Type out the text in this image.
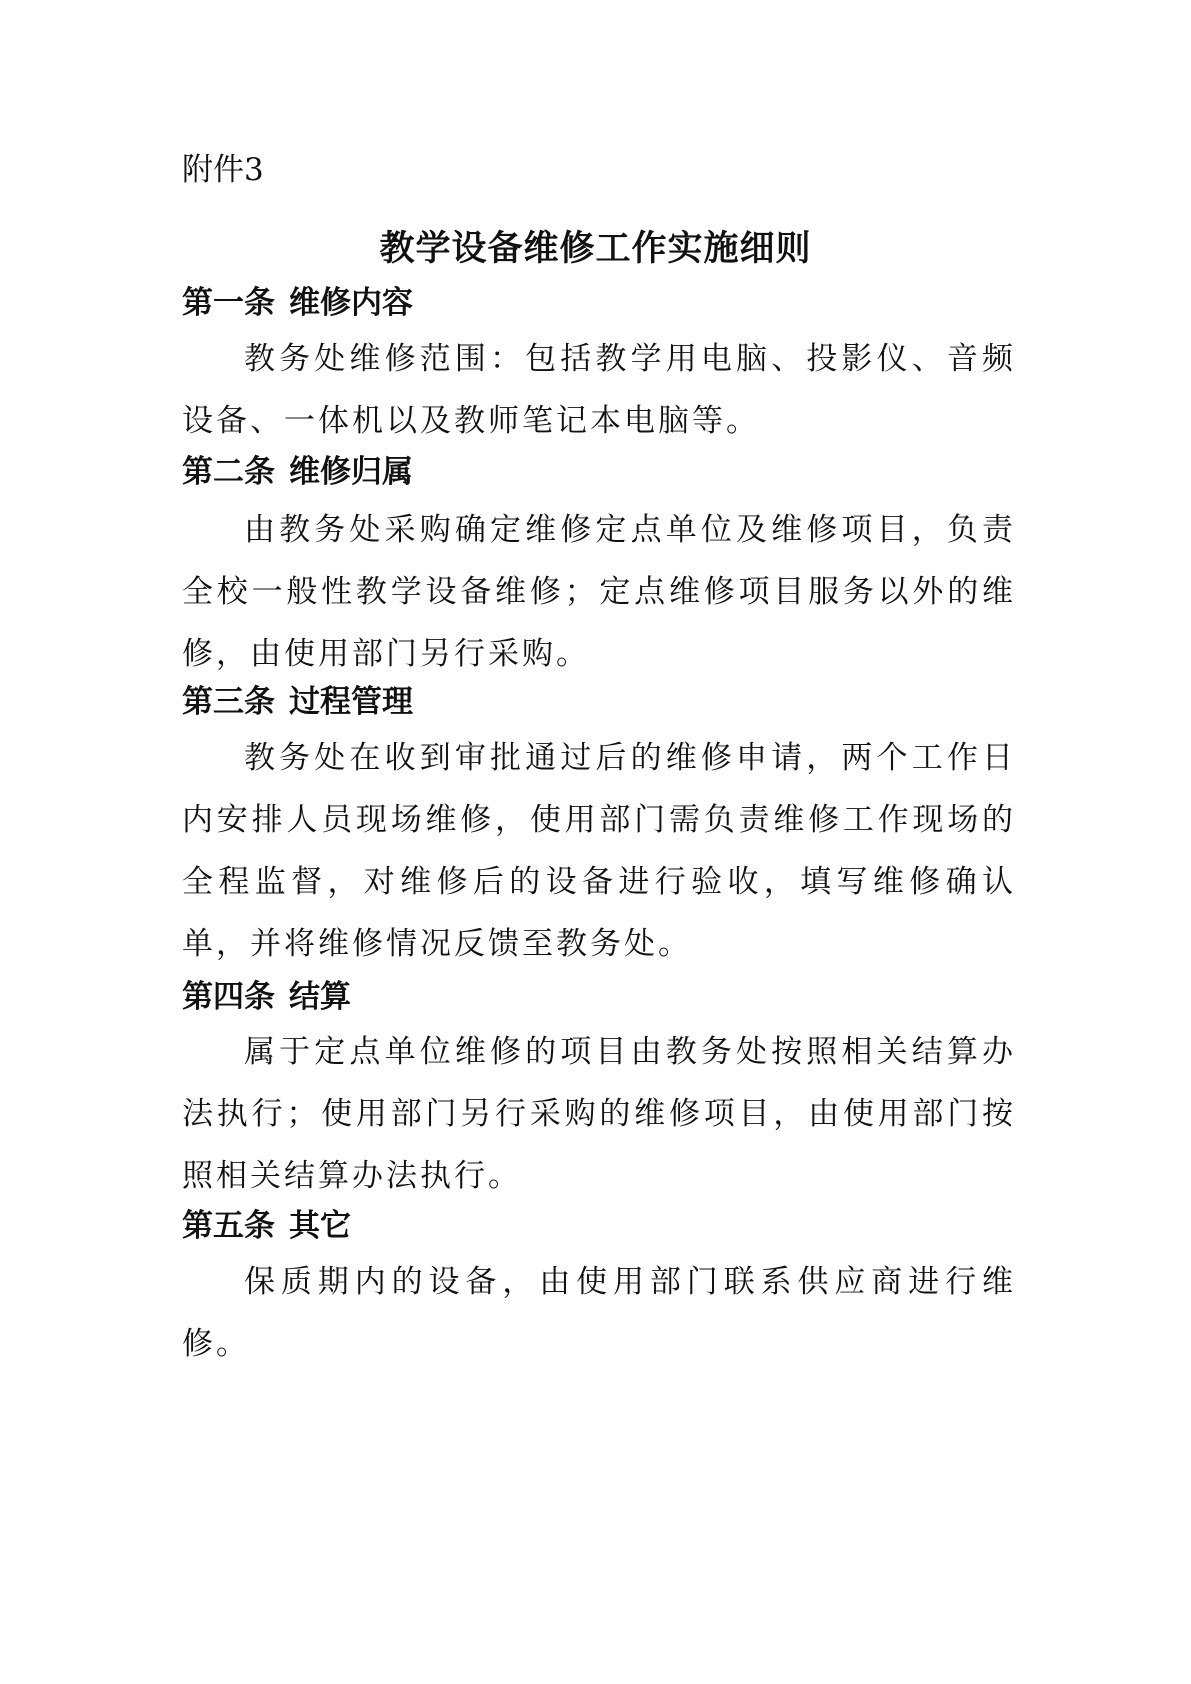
附件3
教学设备维修工作实施细则
第一条 维修内容

教务处维修范围：包括教学用电脑、投影仪、音频设备、一体机以及教师笔记本电脑等。

第二条 维修归属

由教务处采购确定维修定点单位及维修项目，负责全校一般性教学设备维修；定点维修项目服务以外的维修，由使用部门另行采购。

第三条 过程管理

教务处在收到审批通过后的维修申请，两个工作日内安排人员现场维修，使用部门需负责维修工作现场的全程监督，对维修后的设备进行验收，填写维修确认单，并将维修情况反馈至教务处。

第四条 结算

属于定点单位维修的项目由教务处按照相关结算办法执行；使用部门另行采购的维修项目，由使用部门按照相关结算办法执行。

第五条 其它

保质期内的设备，由使用部门联系供应商进行维修。
